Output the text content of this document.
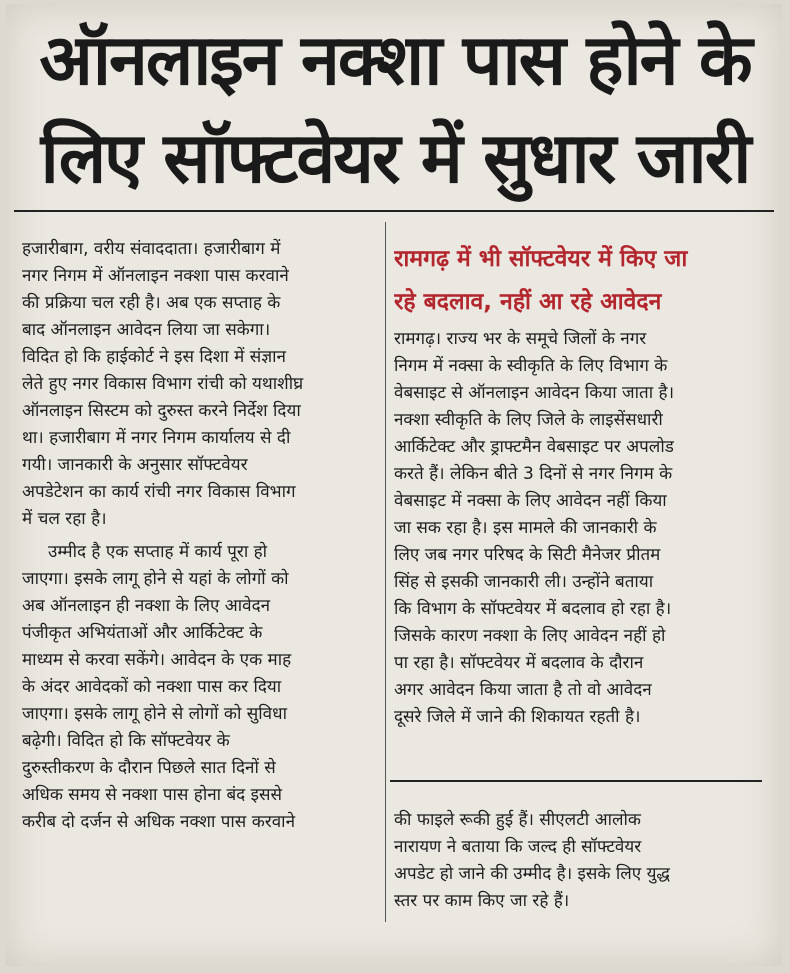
ऑनलाइन नक्शा पास होने के
लिए सॉफ्टवेयर में सुधार जारी
हजारीबाग, वरीय संवाददाता। हजारीबाग में
नगर निगम में ऑनलाइन नक्शा पास करवाने
की प्रक्रिया चल रही है। अब एक सप्ताह के
बाद ऑनलाइन आवेदन लिया जा सकेगा।
विदित हो कि हाईकोर्ट ने इस दिशा में संज्ञान
लेते हुए नगर विकास विभाग रांची को यथाशीघ्र
ऑनलाइन सिस्टम को दुरुस्त करने निर्देश दिया
था। हजारीबाग में नगर निगम कार्यालय से दी
गयी। जानकारी के अनुसार सॉफ्टवेयर
अपडेटेशन का कार्य रांची नगर विकास विभाग
में चल रहा है।
उम्मीद है एक सप्ताह में कार्य पूरा हो
जाएगा। इसके लागू होने से यहां के लोगों को
अब ऑनलाइन ही नक्शा के लिए आवेदन
पंजीकृत अभियंताओं और आर्किटेक्ट के
माध्यम से करवा सकेंगे। आवेदन के एक माह
के अंदर आवेदकों को नक्शा पास कर दिया
जाएगा। इसके लागू होने से लोगों को सुविधा
बढ़ेगी। विदित हो कि सॉफ्टवेयर के
दुरुस्तीकरण के दौरान पिछले सात दिनों से
अधिक समय से नक्शा पास होना बंद इससे
करीब दो दर्जन से अधिक नक्शा पास करवाने
रामगढ़ में भी सॉफ्टवेयर में किए जा
रहे बदलाव, नहीं आ रहे आवेदन
रामगढ़। राज्य भर के समूचे जिलों के नगर
निगम में नक्सा के स्वीकृति के लिए विभाग के
वेबसाइट से ऑनलाइन आवेदन किया जाता है।
नक्शा स्वीकृति के लिए जिले के लाइसेंसधारी
आर्किटेक्ट और ड्राफ्टमैन वेबसाइट पर अपलोड
करते हैं। लेकिन बीते 3 दिनों से नगर निगम के
वेबसाइट में नक्सा के लिए आवेदन नहीं किया
जा सक रहा है। इस मामले की जानकारी के
लिए जब नगर परिषद के सिटी मैनेजर प्रीतम
सिंह से इसकी जानकारी ली। उन्होंने बताया
कि विभाग के सॉफ्टवेयर में बदलाव हो रहा है।
जिसके कारण नक्शा के लिए आवेदन नहीं हो
पा रहा है। सॉफ्टवेयर में बदलाव के दौरान
अगर आवेदन किया जाता है तो वो आवेदन
दूसरे जिले में जाने की शिकायत रहती है।
की फाइले रूकी हुई हैं। सीएलटी आलोक
नारायण ने बताया कि जल्द ही सॉफ्टवेयर
अपडेट हो जाने की उम्मीद है। इसके लिए युद्ध
स्तर पर काम किए जा रहे हैं।
